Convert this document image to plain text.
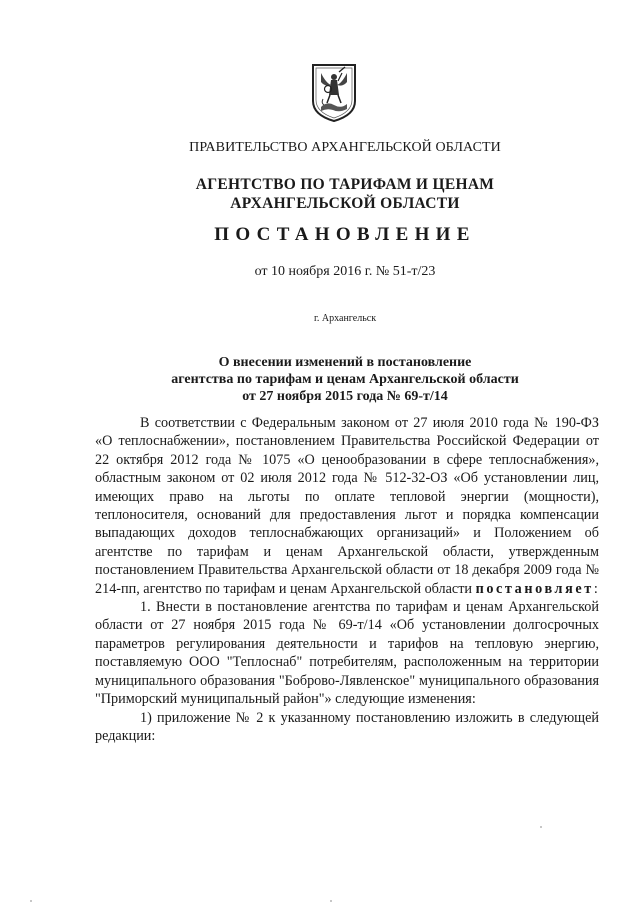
ПРАВИТЕЛЬСТВО АРХАНГЕЛЬСКОЙ ОБЛАСТИ
АГЕНТСТВО ПО ТАРИФАМ И ЦЕНАМ
АРХАНГЕЛЬСКОЙ ОБЛАСТИ
ПОСТАНОВЛЕНИЕ
от 10 ноября 2016 г. № 51-т/23
г. Архангельск
О внесении изменений в постановление
агентства по тарифам и ценам Архангельской области
от 27 ноября 2015 года № 69-т/14

В соответствии с Федеральным законом от 27 июля 2010 года № 190-ФЗ «О теплоснабжении», постановлением Правительства Российской Федерации от 22 октября 2012 года № 1075 «О ценообразовании в сфере теплоснабжения», областным законом от 02 июля 2012 года № 512-32-ОЗ «Об установлении лиц, имеющих право на льготы по оплате тепловой энергии (мощности), теплоносителя, оснований для предоставления льгот и порядка компенсации выпадающих доходов теплоснабжающих организаций» и Положением об агентстве по тарифам и ценам Архангельской области, утвержденным постановлением Правительства Архангельской области от 18 декабря 2009 года № 214-пп, агентство по тарифам и ценам Архангельской области постановляет:

1. Внести в постановление агентства по тарифам и ценам Архангельской области от 27 ноября 2015 года № 69-т/14 «Об установлении долгосрочных параметров регулирования деятельности и тарифов на тепловую энергию, поставляемую ООО "Теплоснаб" потребителям, расположенным на территории муниципального образования "Боброво-Лявленское" муниципального образования "Приморский муниципальный район"» следующие изменения:

1) приложение № 2 к указанному постановлению изложить в следующей редакции:
